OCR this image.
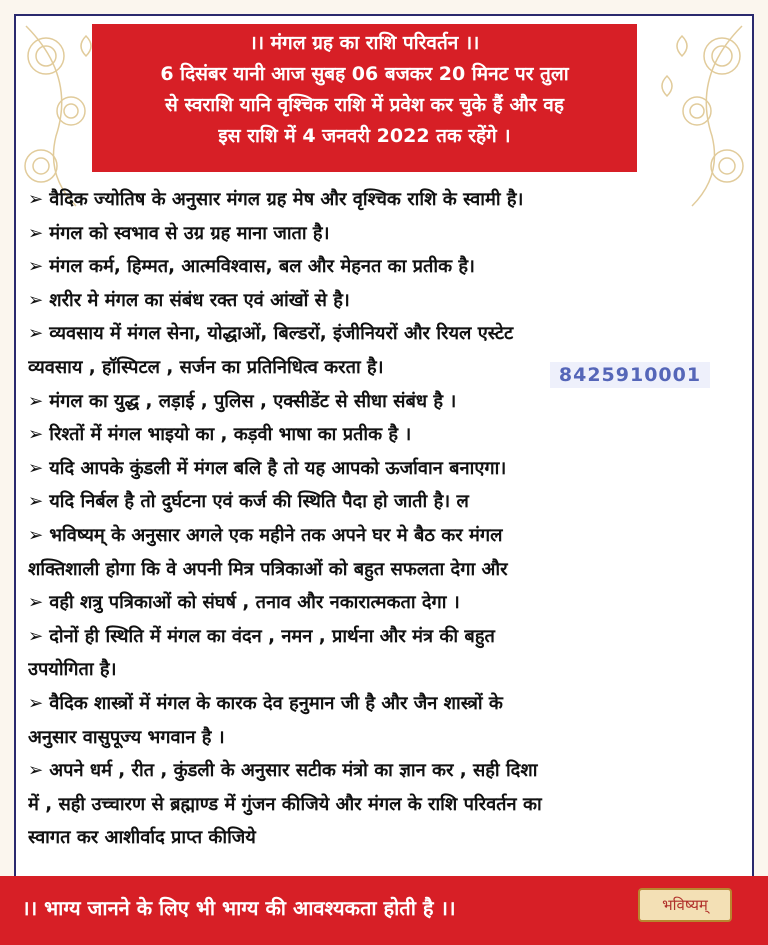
।। मंगल ग्रह का राशि परिवर्तन ।।
6 दिसंबर यानी आज सुबह 06 बजकर 20 मिनट पर तुला
से स्वराशि यानि वृश्चिक राशि में प्रवेश कर चुके हैं और वह
इस राशि में 4 जनवरी 2022 तक रहेंगे ।
➢ वैदिक ज्योतिष के अनुसार मंगल ग्रह मेष और वृश्चिक राशि के स्वामी है।
➢ मंगल को स्वभाव से उग्र ग्रह माना जाता है।
➢ मंगल कर्म, हिम्मत, आत्मविश्वास, बल और मेहनत का प्रतीक है।
➢ शरीर मे मंगल का संबंध रक्त एवं आंखों से है।
➢ व्यवसाय में मंगल सेना, योद्धाओं, बिल्डरों, इंजीनियरों और रियल एस्टेट
व्यवसाय , हॉस्पिटल , सर्जन का प्रतिनिधित्व करता है।
➢ मंगल का युद्ध , लड़ाई , पुलिस , एक्सीडेंट से सीधा संबंध है ।
➢ रिश्तों में मंगल भाइयो का , कड़वी भाषा का प्रतीक है ।
➢ यदि आपके कुंडली में मंगल बलि है तो यह आपको ऊर्जावान बनाएगा।
➢ यदि निर्बल है तो दुर्घटना एवं कर्ज की स्थिति पैदा हो जाती है। ल
➢ भविष्यम् के अनुसार अगले एक महीने तक अपने घर मे बैठ कर मंगल
शक्तिशाली होगा कि वे अपनी मित्र पत्रिकाओं को बहुत सफलता देगा और
➢ वही शत्रु पत्रिकाओं को संघर्ष , तनाव और नकारात्मकता देगा ।
➢ दोनों ही स्थिति में मंगल का वंदन , नमन , प्रार्थना और मंत्र की बहुत
उपयोगिता है।
➢ वैदिक शास्त्रों में मंगल के कारक देव हनुमान जी है और जैन शास्त्रों के
अनुसार वासुपूज्य भगवान है ।
➢ अपने धर्म , रीत , कुंडली के अनुसार सटीक मंत्रो का ज्ञान कर , सही दिशा
में , सही उच्चारण से ब्रह्माण्ड में गुंजन कीजिये और मंगल के राशि परिवर्तन का
स्वागत कर आशीर्वाद प्राप्त कीजिये
8425910001
।। भाग्य जानने के लिए भी भाग्य की आवश्यकता होती है ।।	भविष्यम्
